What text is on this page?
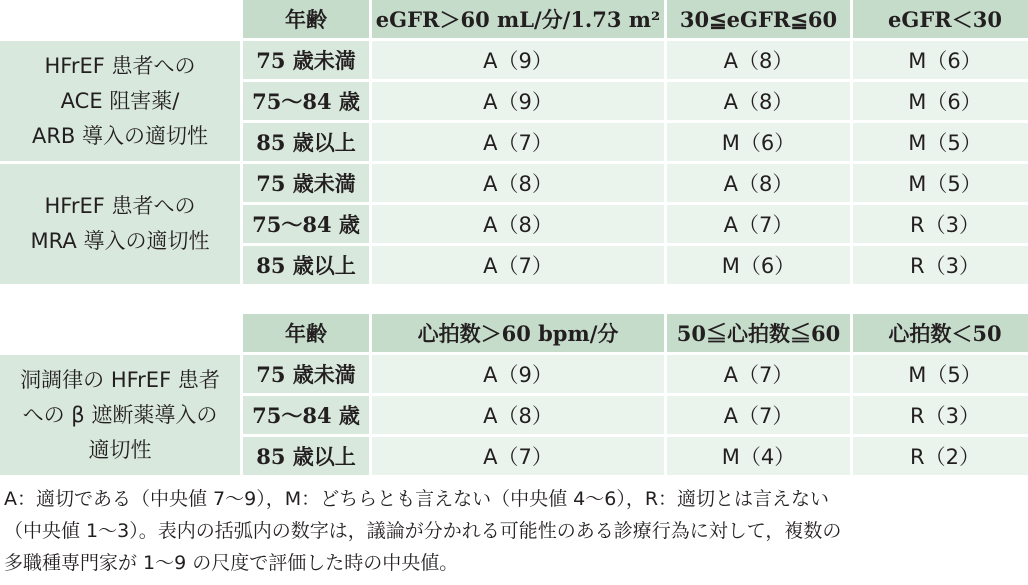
	年齢	eGFR＞60 mL/分/1.73 m²	30≦eGFR≦60	eGFR＜30
HFrEF 患者への
ACE 阻害薬/
ARB 導入の適切性	75 歳未満	A（9）	A（8）	M（6）
	75〜84 歳	A（9）	A（8）	M（6）
	85 歳以上	A（7）	M（6）	M（5）
HFrEF 患者への
MRA 導入の適切性	75 歳未満	A（8）	A（8）	M（5）
	75〜84 歳	A（8）	A（7）	R（3）
	85 歳以上	A（7）	M（6）	R（3）
	年齢	心拍数＞60 bpm/分	50≦心拍数≦60	心拍数＜50
洞調律の HFrEF 患者
への β 遮断薬導入の
適切性	75 歳未満	A（9）	A（7）	M（5）
	75〜84 歳	A（8）	A（7）	R（3）
	85 歳以上	A（7）	M（4）	R（2）
A：適切である（中央値 7〜9），M：どちらとも言えない（中央値 4〜6），R：適切とは言えない
（中央値 1〜3）。表内の括弧内の数字は，議論が分かれる可能性のある診療行為に対して，複数の
多職種専門家が 1〜9 の尺度で評価した時の中央値。
